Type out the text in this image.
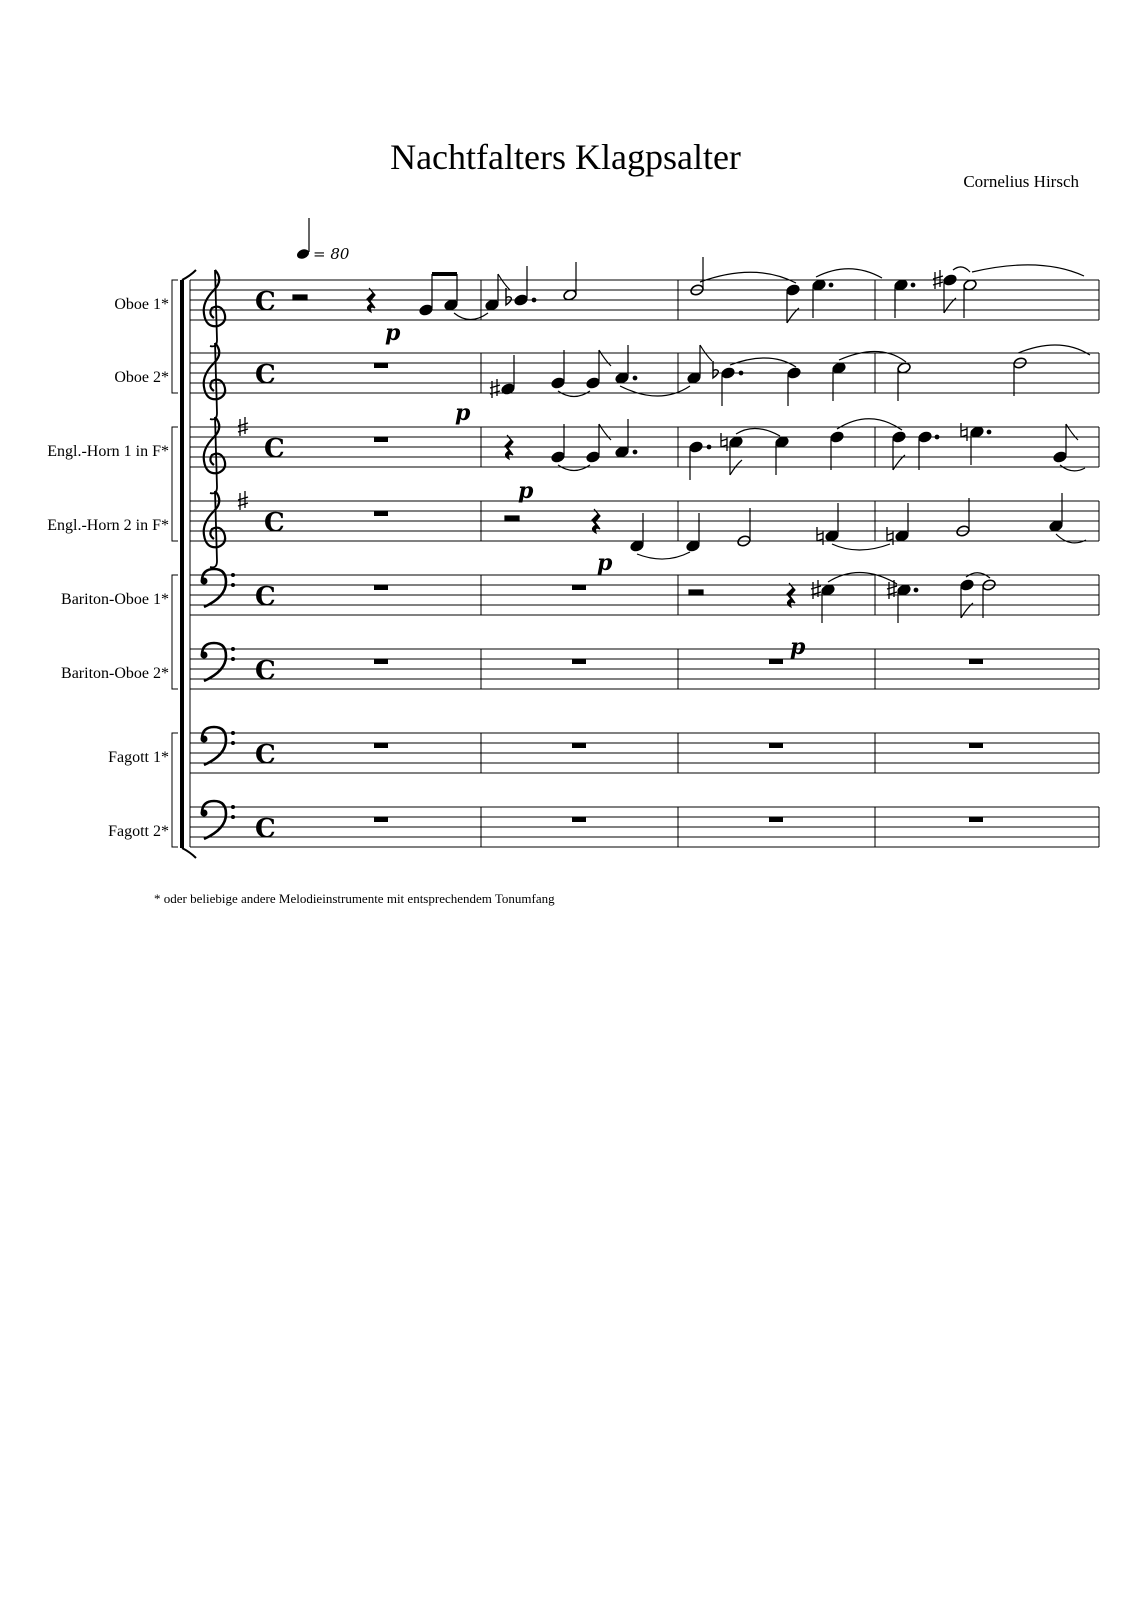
Nachtfalters Klagpsalter
Cornelius Hirsch
Oboe 1*
Oboe 2*
Engl.-Horn 1 in F*
Engl.-Horn 2 in F*
Bariton-Oboe 1*
Bariton-Oboe 2*
Fagott 1*
Fagott 2*
C
C
C
C
C
C
C
C
= 80
p
p
p
p
p
* oder beliebige andere Melodieinstrumente mit entsprechendem Tonumfang
